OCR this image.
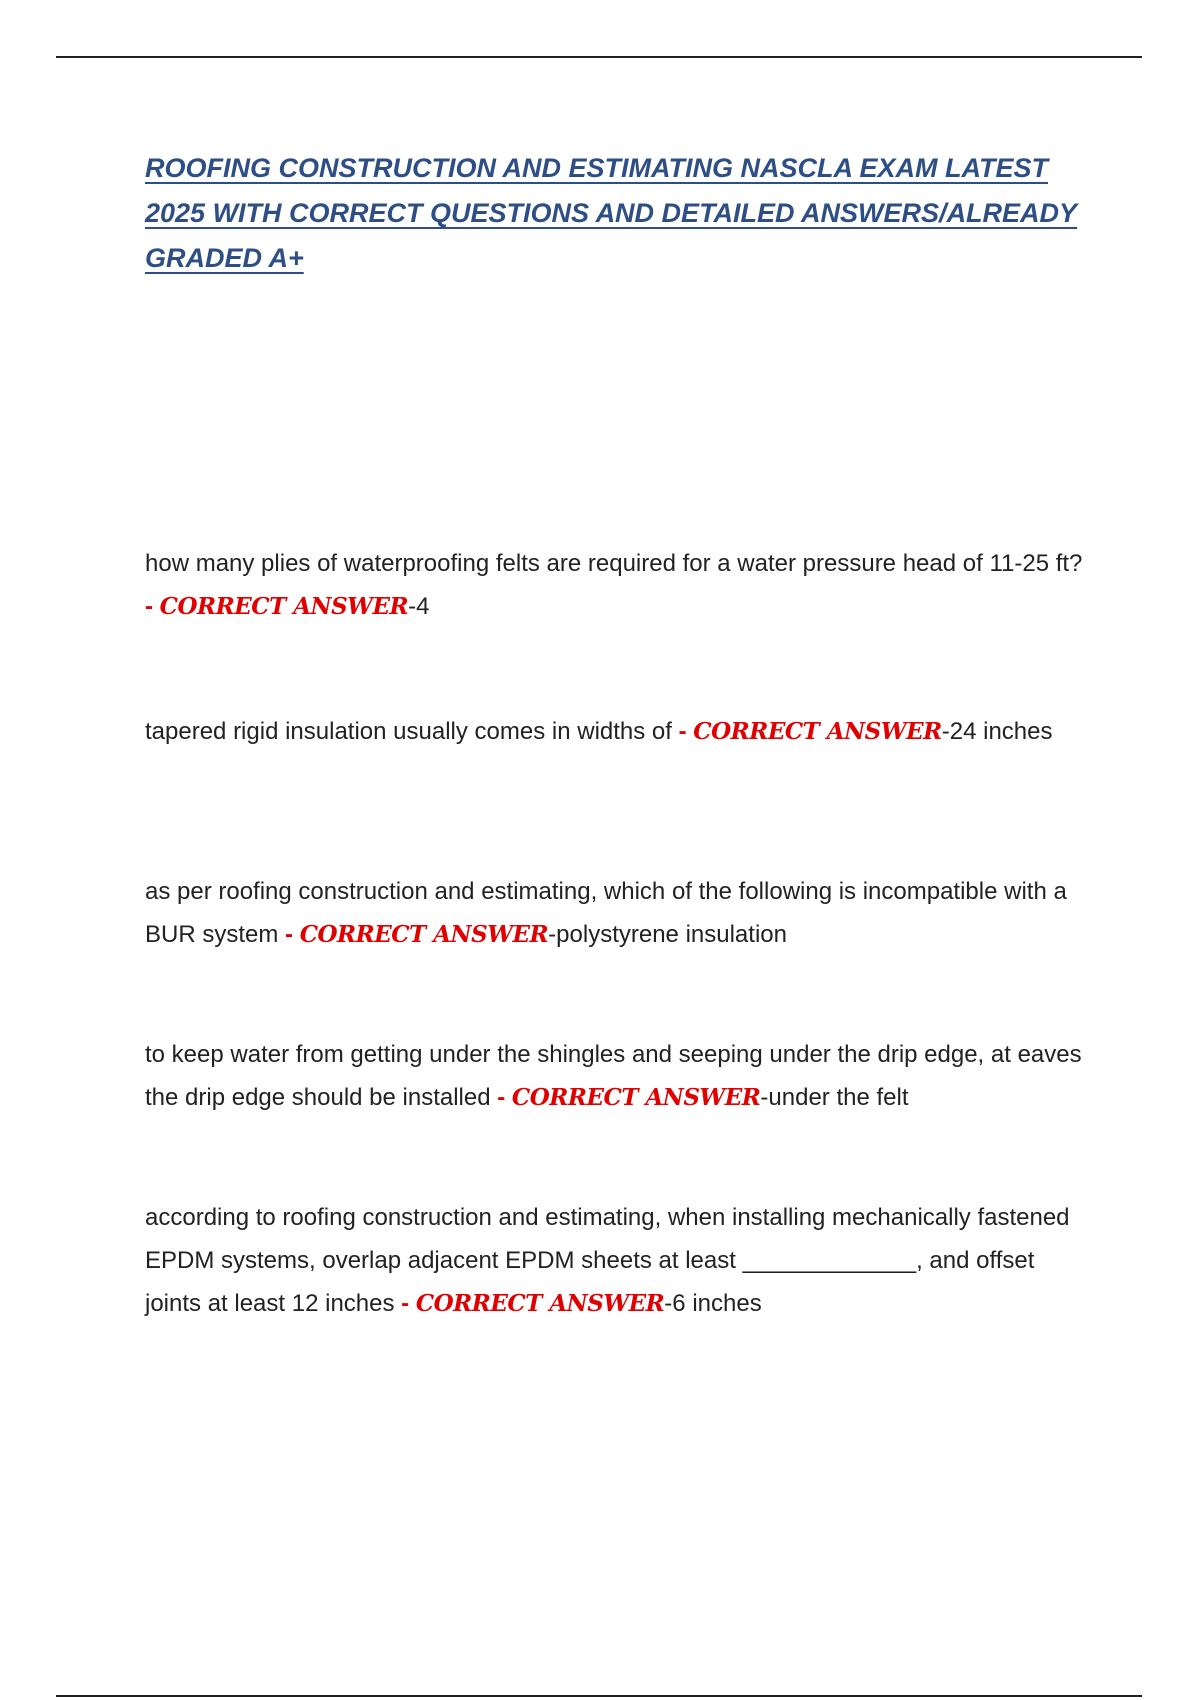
ROOFING CONSTRUCTION AND ESTIMATING NASCLA EXAM LATEST 2025 WITH CORRECT QUESTIONS AND DETAILED ANSWERS/ALREADY GRADED A+

how many plies of waterproofing felts are required for a water pressure head of 11-25 ft? - CORRECT ANSWER-4

tapered rigid insulation usually comes in widths of - CORRECT ANSWER-24 inches

as per roofing construction and estimating, which of the following is incompatible with a BUR system - CORRECT ANSWER-polystyrene insulation

to keep water from getting under the shingles and seeping under the drip edge, at eaves the drip edge should be installed - CORRECT ANSWER-under the felt

according to roofing construction and estimating, when installing mechanically fastened EPDM systems, overlap adjacent EPDM sheets at least _____________, and offset joints at least 12 inches - CORRECT ANSWER-6 inches
